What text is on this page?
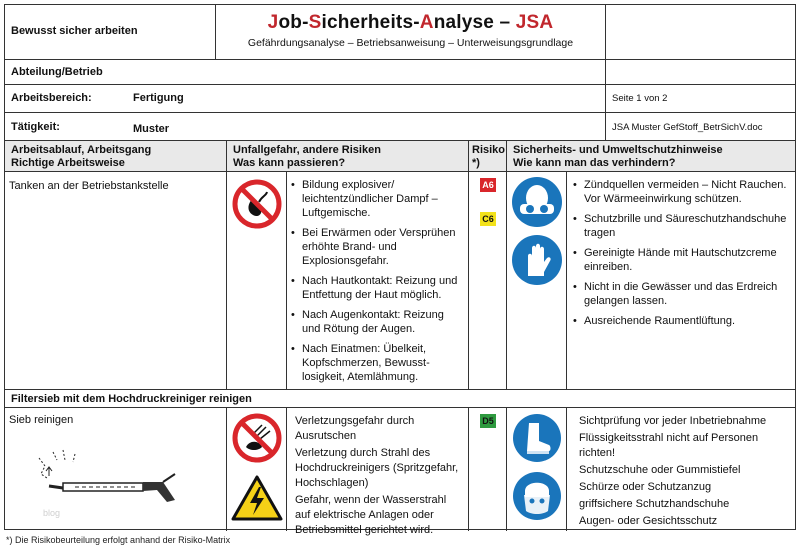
Bewusst sicher arbeiten	Job-Sicherheits-Analyse – JSA
Gefährdungsanalyse – Betriebsanweisung – Unterweisungsgrundlage
Abteilung/Betrieb
Arbeitsbereich:	Fertigung	Seite 1 von 2
Tätigkeit:	Muster	JSA Muster GefStoff_BetrSichV.doc
Arbeitsablauf, Arbeitsgang
Richtige Arbeitsweise
Unfallgefahr, andere Risiken
Was kann passieren?
Risiko
*)
Sicherheits- und Umweltschutzhinweise
Wie kann man das verhindern?
Tanken an der Betriebstankstelle
•	Bildung explosiver/ leichtentzündlicher Dampf – Luftgemische.
• Bei Erwärmen oder Versprühen erhöhte Brand- und Explosionsgefahr.
• Nach Hautkontakt: Reizung und Entfettung der Haut möglich.
• Nach Augenkontakt: Reizung und Rötung der Augen.
• Nach Einatmen: Übelkeit, Kopfschmerzen, Bewusst-losigkeit, Atemlähmung.
A6
C6
• Zündquellen vermeiden – Nicht Rauchen. Vor Wärmeeinwirkung schützen.
• Schutzbrille und Säureschutzhandschuhe tragen
• Gereinigte Hände mit Hautschutzcreme einreiben.
• Nicht in die Gewässer und das Erdreich gelangen lassen.
• Ausreichende Raumentlüftung.
Filtersieb mit dem Hochdruckreiniger reinigen
Sieb reinigen
blog

Verletzungsgefahr durch Ausrutschen

Verletzung durch Strahl des Hochdruckreinigers (Spritzgefahr, Hochschlagen)

Gefahr, wenn der Wasserstrahl auf elektrische Anlagen oder Betriebsmittel gerichtet wird.

D5	Sichtprüfung vor jeder Inbetriebnahme

Flüssigkeitsstrahl nicht auf Personen richten!

Schutzschuhe oder Gummistiefel

Schürze oder Schutzanzug

griffsichere Schutzhandschuhe

Augen- oder Gesichtsschutz

*) Die Risikobeurteilung erfolgt anhand der Risiko-Matrix
